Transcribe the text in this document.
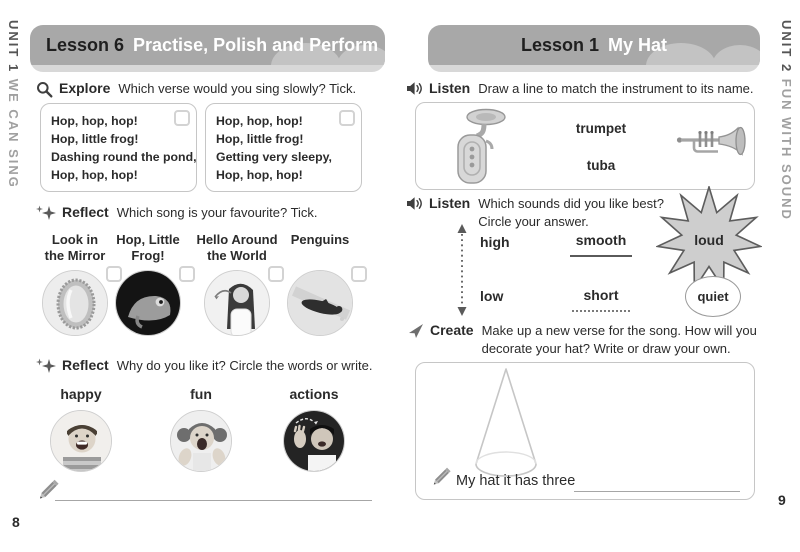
UNIT 1 WE CAN SING
Lesson 6 Practise, Polish and Perform
Explore Which verse would you sing slowly? Tick.
Hop, hop, hop!
Hop, little frog!
Dashing round the pond,
Hop, hop, hop!
Hop, hop, hop!
Hop, little frog!
Getting very sleepy,
Hop, hop, hop!
Reflect Which song is your favourite? Tick.
Look in
the Mirror
Hop, Little
Frog!
Hello Around
the World
Penguins

Reflect Why do you like it? Circle the words or write.
happy	fun	actions
8
UNIT 2 FUN WITH SOUND
Lesson 1 My Hat
Listen Draw a line to match the instrument to its name.
trumpet
tuba
Listen Which sounds did you like best?
Circle your answer.
high
low
smooth
short
loud
quiet
Create Make up a new verse for the song. How will you
decorate your hat? Write or draw your own.
My hat it has three
9
